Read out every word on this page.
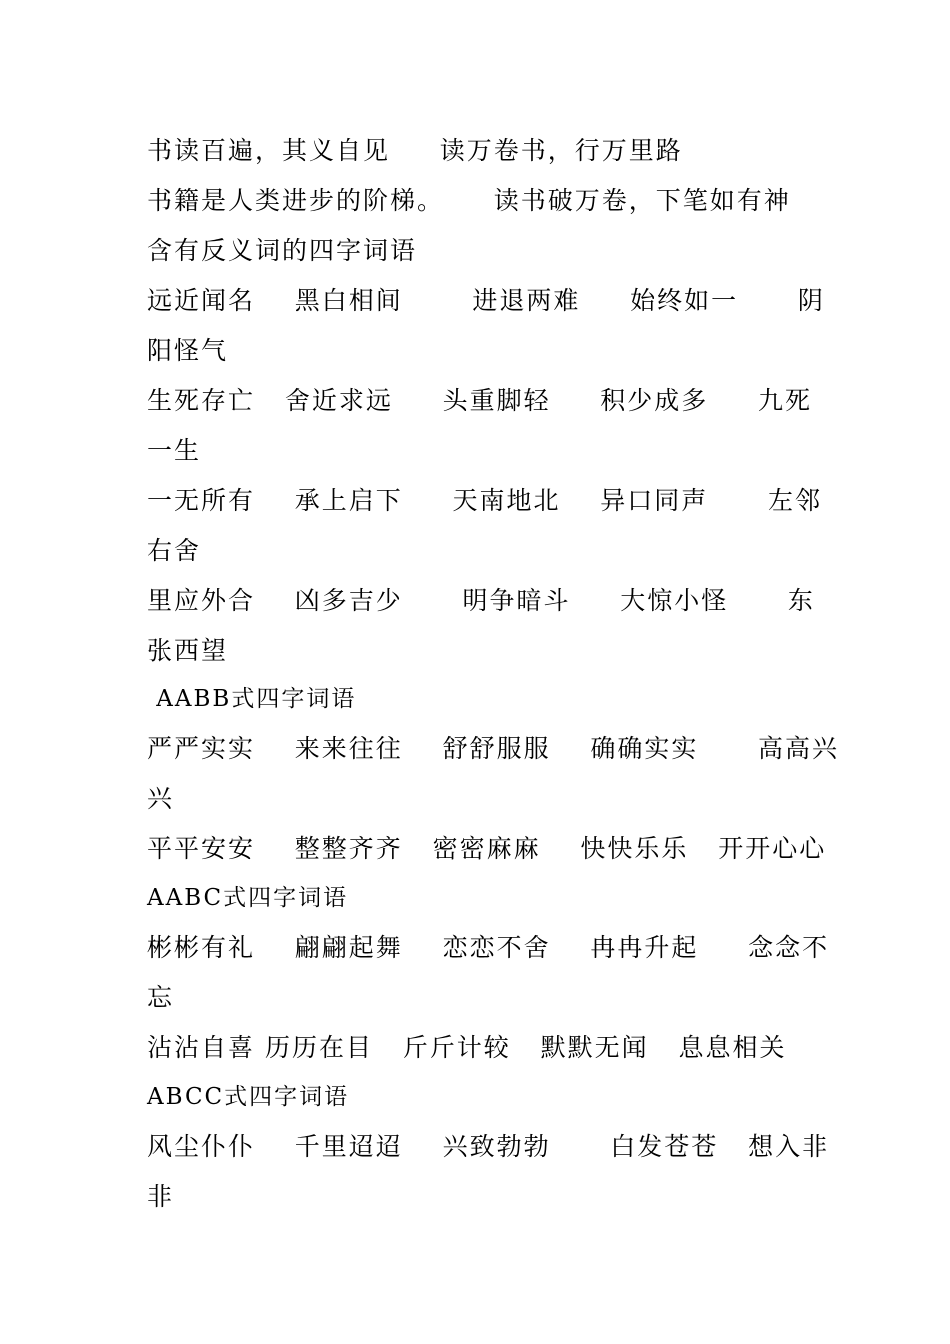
书读百遍，其义自见     读万卷书，行万里路
书籍是人类进步的阶梯。     读书破万卷，下笔如有神
含有反义词的四字词语
远近闻名    黑白相间       进退两难     始终如一      阴
阳怪气
生死存亡   舍近求远     头重脚轻     积少成多     九死
一生
一无所有    承上启下     天南地北    异口同声      左邻
右舍
里应外合    凶多吉少      明争暗斗     大惊小怪      东
张西望
AABB式四字词语
严严实实    来来往往    舒舒服服    确确实实      高高兴
兴
平平安安    整整齐齐   密密麻麻    快快乐乐   开开心心
AABC式四字词语
彬彬有礼    翩翩起舞    恋恋不舍    冉冉升起     念念不
忘
沾沾自喜 历历在目   斤斤计较   默默无闻   息息相关
ABCC式四字词语
风尘仆仆    千里迢迢    兴致勃勃      白发苍苍   想入非
非
